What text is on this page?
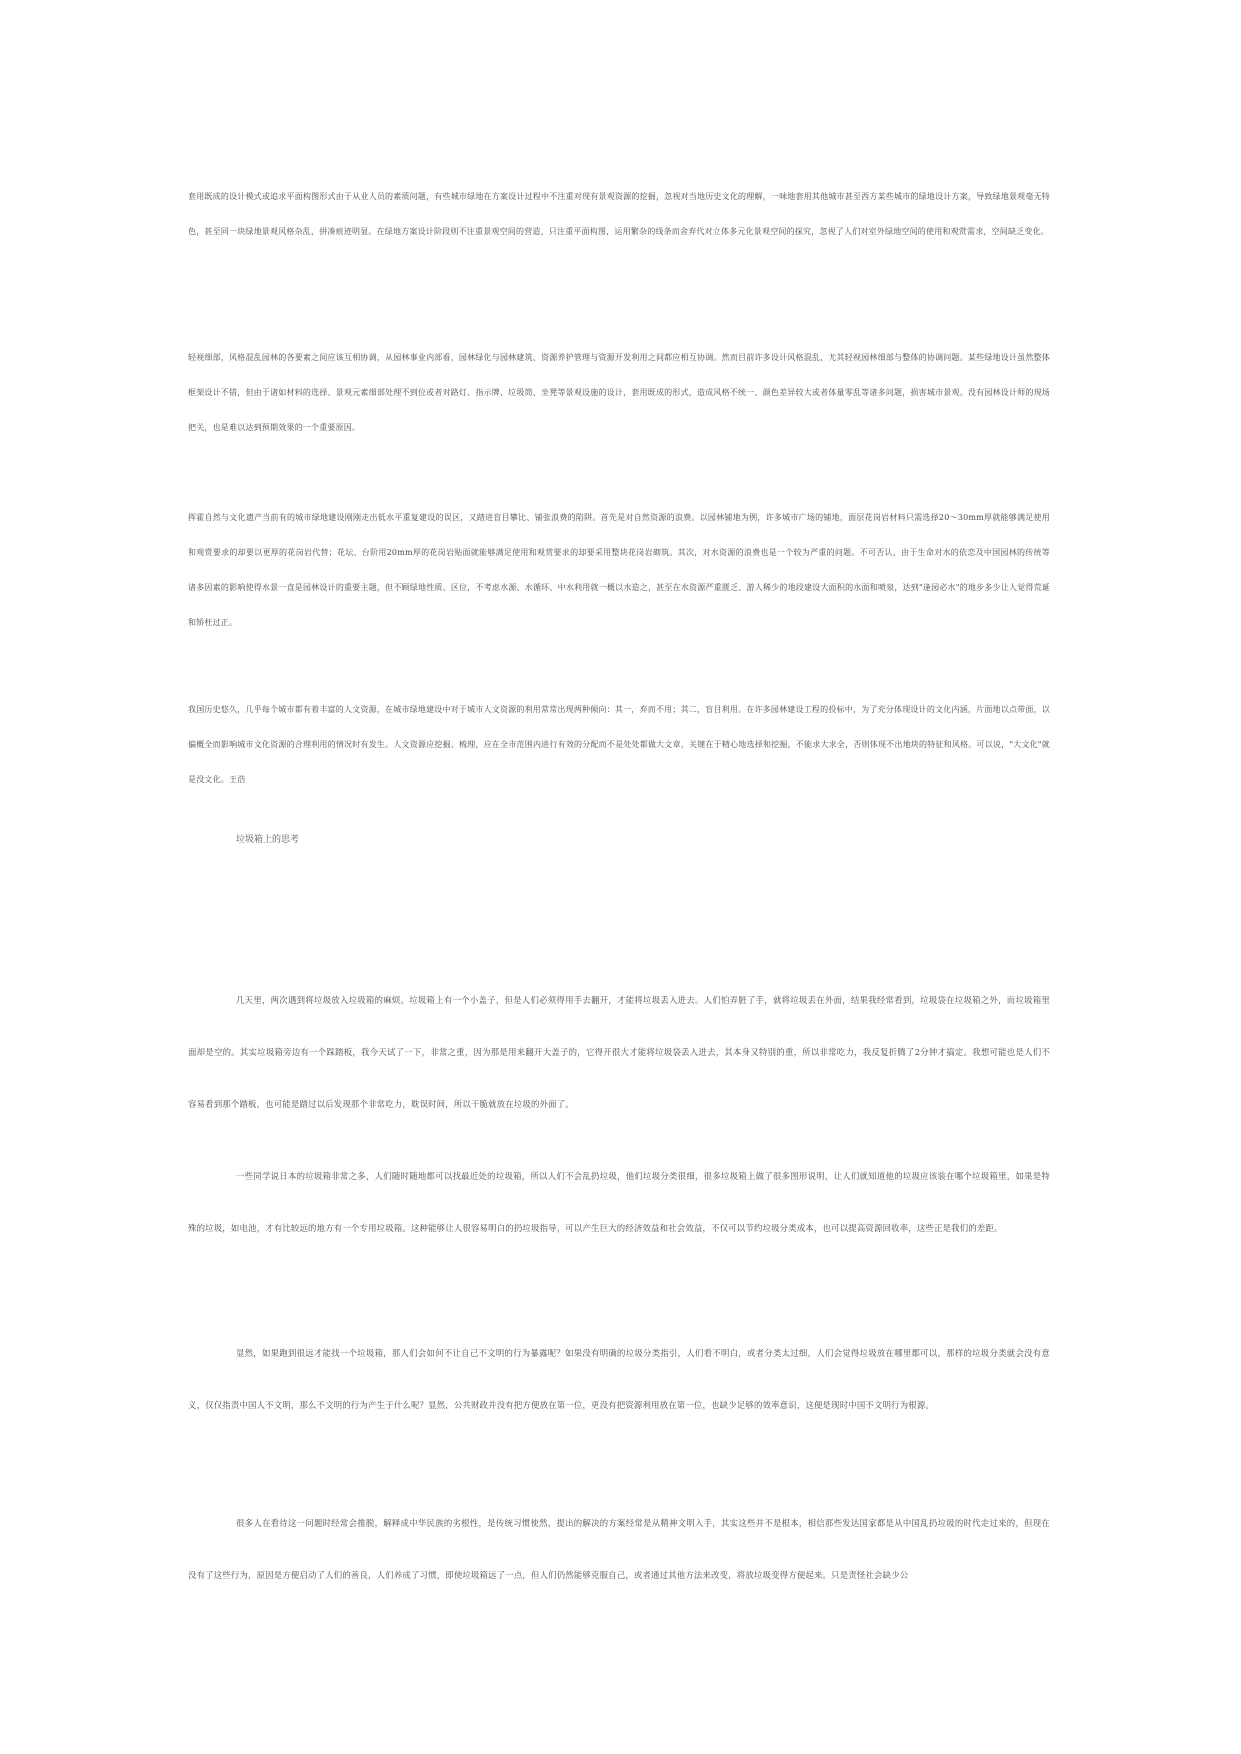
套用既成的设计模式或追求平面构图形式由于从业人员的素质问题，有些城市绿地在方案设计过程中不注重对现有景观资源的挖掘，忽视对当地历史文化的理解，一味地套用其他城市甚至西方某些城市的绿地设计方案，导致绿地景观毫无特色，甚至同一块绿地景观风格杂乱，拼凑痕迹明显。在绿地方案设计阶段则不注重景观空间的营造，只注重平面构图，运用繁杂的线条而舍弃代对立体多元化景观空间的探究，忽视了人们对室外绿地空间的使用和观赏需求，空间缺乏变化。

轻视细部，风格混乱园林的各要素之间应该互相协调，从园林事业内部看，园林绿化与园林建筑、资源养护管理与资源开发利用之间都应相互协调。然而目前许多设计风格混乱，尤其轻视园林细部与整体的协调问题。某些绿地设计虽然整体框架设计不错，但由于诸如材料的选择、景观元素细部处理不到位或者对路灯、指示牌、垃圾筒、坐凳等景观设施的设计，套用既成的形式，造成风格不统一、颜色差异较大或者体量零乱等诸多问题，损害城市景观。没有园林设计师的现场把关，也是难以达到预期效果的一个重要原因。

挥霍自然与文化遗产当前有的城市绿地建设刚刚走出低水平重复建设的误区，又踏进盲目攀比、铺张浪费的陷阱。首先是对自然资源的浪费。以园林铺地为例，许多城市广场的铺地，面层花岗岩材料只需选择20～30mm厚就能够满足使用和观赏要求的却要以更厚的花岗岩代替；花坛、台阶用20mm厚的花岗岩贴面就能够满足使用和观赏要求的却要采用整块花岗岩砌筑。其次，对水资源的浪费也是一个较为严重的问题。不可否认，由于生命对水的依恋及中国园林的传统等诸多因素的影响使得水景一直是园林设计的重要主题，但不顾绿地性质、区位，不考虑水源、水循环、中水利用就一概以水造之，甚至在水资源严重匮乏、游人稀少的地段建设大面积的水面和喷泉，达到"逢园必水"的地步多少让人觉得荒诞和矫枉过正。

我国历史悠久，几乎每个城市都有着丰富的人文资源，在城市绿地建设中对于城市人文资源的利用常常出现两种倾向：其一，弃而不用；其二，盲目利用。在许多园林建设工程的投标中，为了充分体现设计的文化内涵，片面地以点带面，以偏概全而影响城市文化资源的合理利用的情况时有发生。人文资源应挖掘、梳理，应在全市范围内进行有效的分配而不是处处都做大文章，关键在于精心地选择和挖掘，不能求大求全，否则体现不出地块的特征和风格。可以说，"大文化"就是没文化。王浩

垃圾箱上的思考

几天里，两次遇到将垃圾放入垃圾箱的麻烦。垃圾箱上有一个小盖子，但是人们必须得用手去翻开，才能将垃圾丢入进去。人们怕弄脏了手，就将垃圾丢在外面，结果我经常看到，垃圾袋在垃圾箱之外，而垃圾箱里面却是空的。其实垃圾箱旁边有一个踩踏板，我今天试了一下，非常之重，因为那是用来翻开大盖子的，它得开很大才能将垃圾袋丢入进去，其本身又特别的重，所以非常吃力，我反复折腾了2分钟才搞定。我想可能也是人们不容易看到那个踏板，也可能是踏过以后发现那个非常吃力，耽误时间，所以干脆就放在垃圾的外面了。

一些同学说日本的垃圾箱非常之多，人们随时随地都可以找最近处的垃圾箱，所以人们不会乱扔垃圾，他们垃圾分类很细，很多垃圾箱上做了很多图形说明，让人们就知道他的垃圾应该装在哪个垃圾箱里，如果是特殊的垃圾，如电池，才有比较远的地方有一个专用垃圾箱。这种能够让人很容易明白的扔垃圾指导，可以产生巨大的经济效益和社会效益，不仅可以节约垃圾分类成本，也可以提高资源回收率，这些正是我们的差距。

显然，如果跑到很远才能找一个垃圾箱，那人们会如何不让自己不文明的行为暴露呢？如果没有明确的垃圾分类指引，人们看不明白，或者分类太过细，人们会觉得垃圾放在哪里都可以，那样的垃圾分类就会没有意义，仅仅指责中国人不文明，那么不文明的行为产生于什么呢？显然，公共财政并没有把方便放在第一位，更没有把资源利用放在第一位，也缺少足够的效率意识，这便是现时中国不文明行为根源。

很多人在看待这一问题时经常会推脱，解释成中华民族的劣根性，是传统习惯使然，提出的解决的方案经常是从精神文明入手，其实这些并不是根本，相信那些发达国家都是从中国乱扔垃圾的时代走过来的，但现在没有了这些行为，原因是方便启动了人们的善良，人们养成了习惯，即使垃圾箱远了一点，但人们仍然能够克服自己，或者通过其他方法来改变，将放垃圾变得方便起来。只是责怪社会缺少公
